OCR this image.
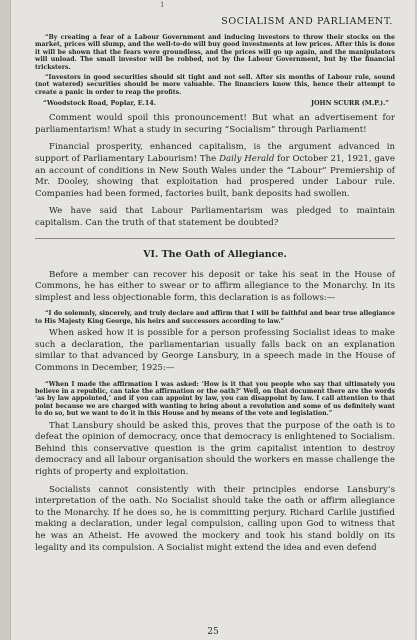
1
SOCIALISM AND PARLIAMENT.

“By creating a fear of a Labour Government and inducing investors to throw their stocks on the market, prices will slump, and the well-to-do will buy good investments at low prices. After this is done it will be shown that the fears were groundless, and the prices will go up again, and the manipulators will unload. The small investor will be robbed, not by the Labour Government, but by the financial tricksters.

“Investors in good securities should sit tight and not sell. After six months of Labour rule, sound (not watered) securities should be more valuable. The financiers know this, hence their attempt to create a panic in order to reap the profits.

“Woodstock Road, Poplar, E.14.	JOHN SCURR (M.P.).”

Comment would spoil this pronouncement! But what an advertisement for parliamentarism! What a study in securing “Socialism” through Parliament!

Financial prosperity, enhanced capitalism, is the argument advanced in support of Parliamentary Labourism! The Daily Herald for October 21, 1921, gave an account of conditions in New South Wales under the “Labour” Premiership of Mr. Dooley, showing that exploitation had prospered under Labour rule. Companies had been formed, factories built, bank deposits had swollen.

We have said that Labour Parliamentarism was pledged to maintain capitalism. Can the truth of that statement be doubted?

VI. The Oath of Allegiance.

Before a member can recover his deposit or take his seat in the House of Commons, he has either to swear or to affirm allegiance to the Monarchy. In its simplest and less objectionable form, this declaration is as follows:—

“I do solemnly, sincerely, and truly declare and affirm that I will be faithful and bear true allegiance to His Majesty King George, his heirs and successors according to law.”

When asked how it is possible for a person professing Socialist ideas to make such a declaration, the parliamentarian usually falls back on an explanation similar to that advanced by George Lansbury, in a speech made in the House of Commons in December, 1925:—

“When I made the affirmation I was asked: ‘How is it that you people who say that ultimately you believe in a republic, can take the affirmation or the oath?’ Well, on that document there are the words ‘as by law appointed,’ and if you can appoint by law, you can disappoint by law. I call attention to that point because we are charged with wanting to bring about a revolution and some of us definitely want to do so, but we want to do it in this House and by means of the vote and legislation.”

That Lansbury should be asked this, proves that the purpose of the oath is to defeat the opinion of democracy, once that democracy is enlightened to Socialism. Behind this conservative question is the grim capitalist intention to destroy democracy and all labour organisation should the workers en masse challenge the rights of property and exploitation.

Socialists cannot consistently with their principles endorse Lansbury’s interpretation of the oath. No Socialist should take the oath or affirm allegiance to the Monarchy. If he does so, he is committing perjury. Richard Carlile justified making a declaration, under legal compulsion, calling upon God to witness that he was an Atheist. He avowed the mockery and took his stand boldly on its legality and its compulsion. A Socialist might extend the idea and even defend

25
